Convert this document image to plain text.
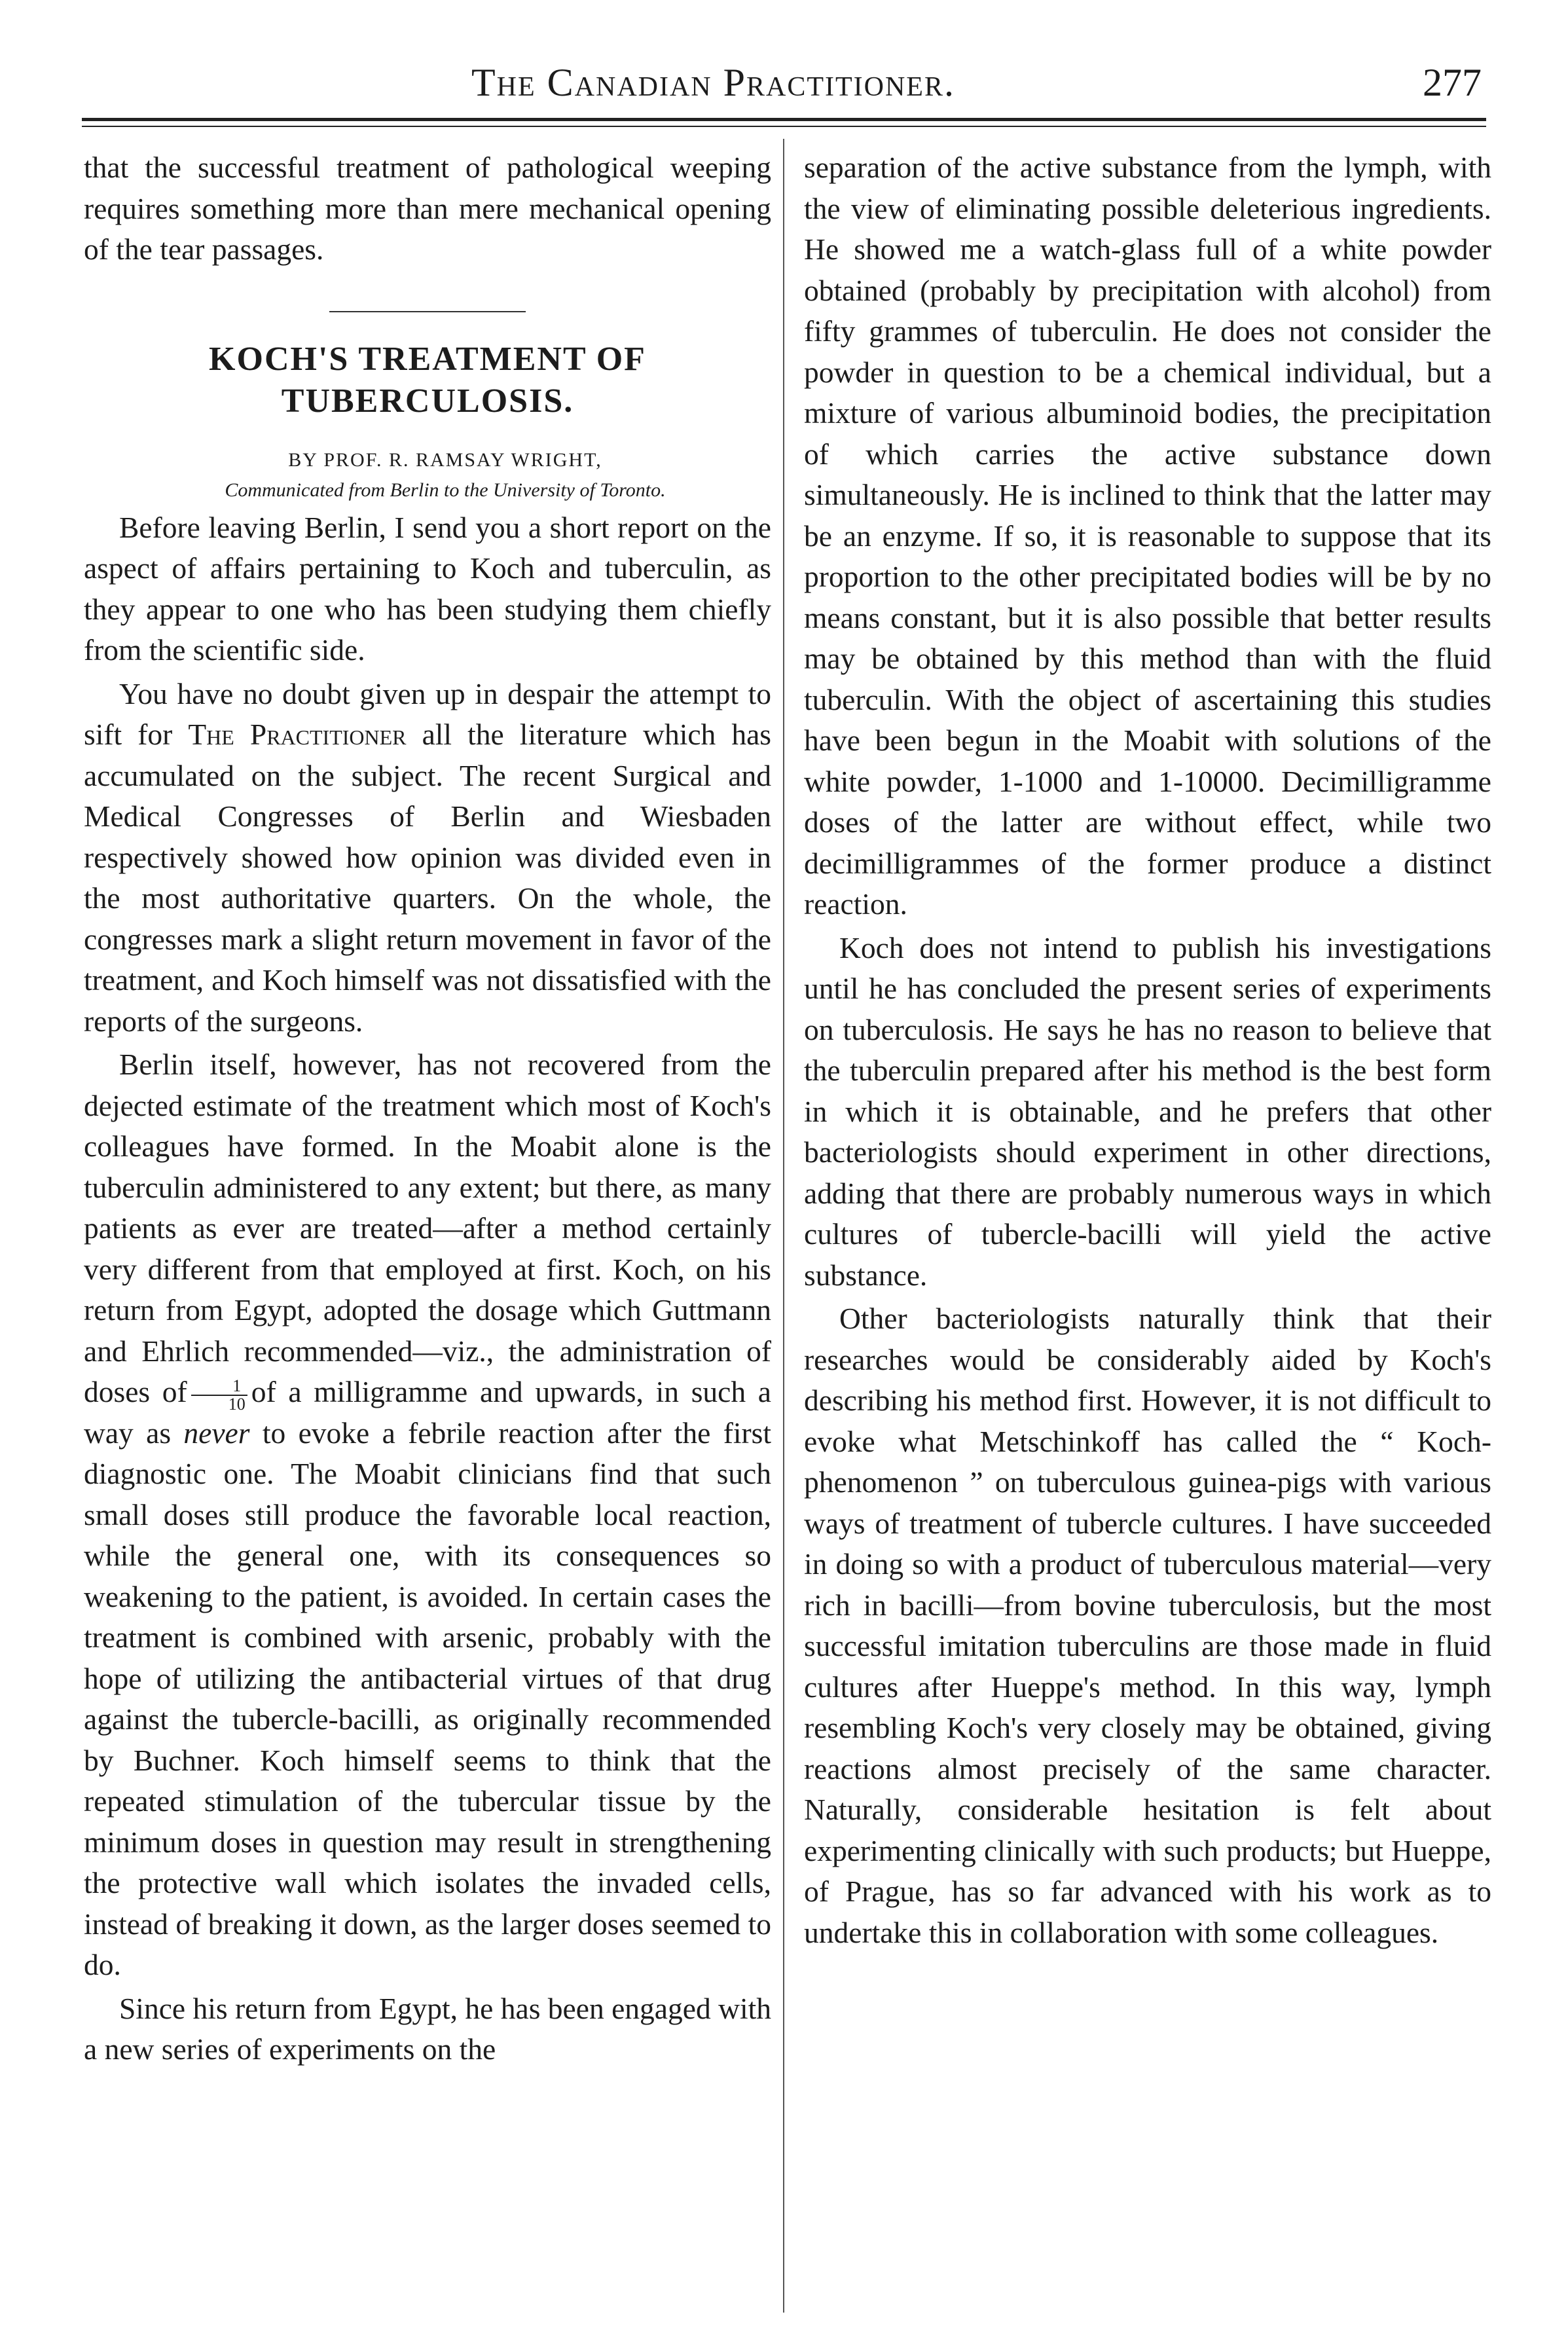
The Canadian Practitioner.	277

that the successful treatment of pathological weeping requires something more than mere mechanical opening of the tear passages.

KOCH'S TREATMENT OF TUBERCULOSIS.

BY PROF. R. RAMSAY WRIGHT,

Communicated from Berlin to the University of Toronto.

Before leaving Berlin, I send you a short report on the aspect of affairs pertaining to Koch and tuberculin, as they appear to one who has been studying them chiefly from the scientific side.

You have no doubt given up in despair the attempt to sift for The Practitioner all the literature which has accumulated on the subject. The recent Surgical and Medical Congresses of Berlin and Wiesbaden respectively showed how opinion was divided even in the most authoritative quarters. On the whole, the congresses mark a slight return movement in favor of the treatment, and Koch himself was not dissatisfied with the reports of the surgeons.

Berlin itself, however, has not recovered from the dejected estimate of the treatment which most of Koch's colleagues have formed. In the Moabit alone is the tuberculin administered to any extent; but there, as many patients as ever are treated—after a method certainly very different from that employed at first. Koch, on his return from Egypt, adopted the dosage which Guttmann and Ehrlich recommended—viz., the administration of doses of $\frac{1}{10}$ of a milligramme and upwards, in such a way as never to evoke a febrile reaction after the first diagnostic one. The Moabit clinicians find that such small doses still produce the favorable local reaction, while the general one, with its consequences so weakening to the patient, is avoided. In certain cases the treatment is combined with arsenic, probably with the hope of utilizing the antibacterial virtues of that drug against the tubercle-bacilli, as originally recommended by Buchner. Koch himself seems to think that the repeated stimulation of the tubercular tissue by the minimum doses in question may result in strengthening the protective wall which isolates the invaded cells, instead of breaking it down, as the larger doses seemed to do.

Since his return from Egypt, he has been engaged with a new series of experiments on the

separation of the active substance from the lymph, with the view of eliminating possible deleterious ingredients. He showed me a watch-glass full of a white powder obtained (probably by precipitation with alcohol) from fifty grammes of tuberculin. He does not consider the powder in question to be a chemical individual, but a mixture of various albuminoid bodies, the precipitation of which carries the active substance down simultaneously. He is inclined to think that the latter may be an enzyme. If so, it is reasonable to suppose that its proportion to the other precipitated bodies will be by no means constant, but it is also possible that better results may be obtained by this method than with the fluid tuberculin. With the object of ascertaining this studies have been begun in the Moabit with solutions of the white powder, 1-1000 and 1-10000. Decimilligramme doses of the latter are without effect, while two decimilligrammes of the former produce a distinct reaction.

Koch does not intend to publish his investigations until he has concluded the present series of experiments on tuberculosis. He says he has no reason to believe that the tuberculin prepared after his method is the best form in which it is obtainable, and he prefers that other bacteriologists should experiment in other directions, adding that there are probably numerous ways in which cultures of tubercle-bacilli will yield the active substance.

Other bacteriologists naturally think that their researches would be considerably aided by Koch's describing his method first. However, it is not difficult to evoke what Metschinkoff has called the “ Koch-phenomenon ” on tuberculous guinea-pigs with various ways of treatment of tubercle cultures. I have succeeded in doing so with a product of tuberculous material—very rich in bacilli—from bovine tuberculosis, but the most successful imitation tuberculins are those made in fluid cultures after Hueppe's method. In this way, lymph resembling Koch's very closely may be obtained, giving reactions almost precisely of the same character. Naturally, considerable hesitation is felt about experimenting clinically with such products; but Hueppe, of Prague, has so far advanced with his work as to undertake this in collaboration with some colleagues.
